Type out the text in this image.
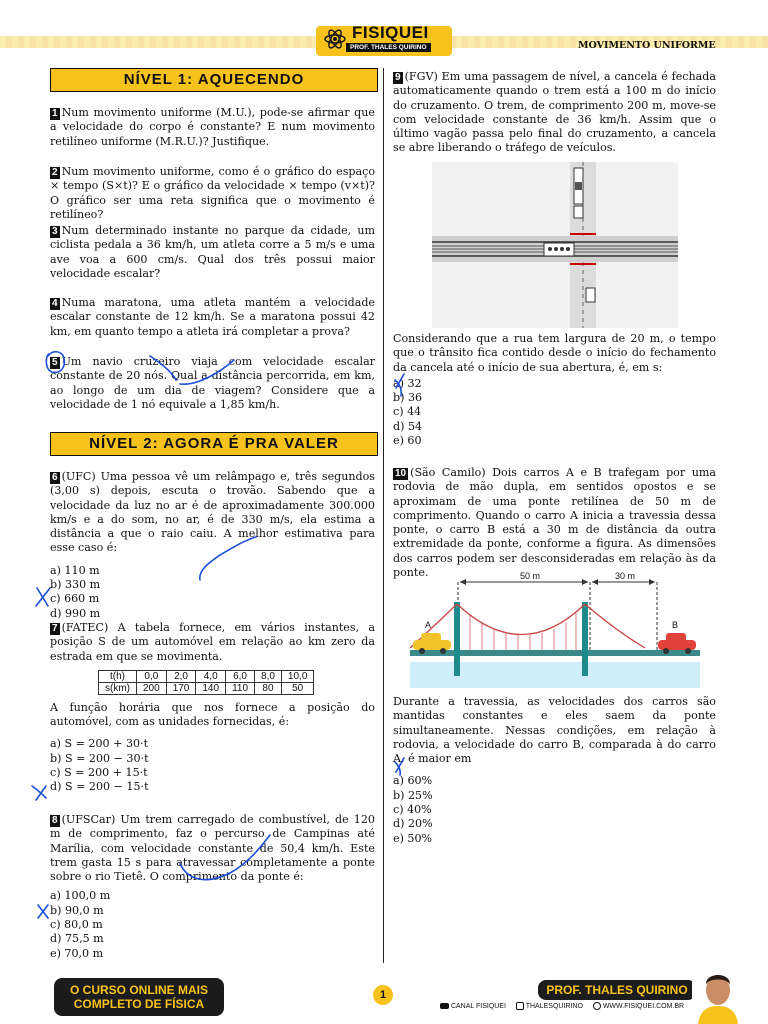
FISIQUEI
PROF. THALES QUIRINO	MOVIMENTO UNIFORME
NÍVEL 1: AQUECENDO

1 Num movimento uniforme (M.U.), pode-se afirmar que a velocidade do corpo é constante? E num movimento retilíneo uniforme (M.R.U.)? Justifique.

2 Num movimento uniforme, como é o gráfico do espaço × tempo (S×t)? E o gráfico da velocidade × tempo (v×t)? O gráfico ser uma reta significa que o movimento é retilíneo?

3 Num determinado instante no parque da cidade, um ciclista pedala a 36 km/h, um atleta corre a 5 m/s e uma ave voa a 600 cm/s. Qual dos três possui maior velocidade escalar?

4 Numa maratona, uma atleta mantém a velocidade escalar constante de 12 km/h. Se a maratona possui 42 km, em quanto tempo a atleta irá completar a prova?

5 Um navio cruzeiro viaja com velocidade escalar constante de 20 nós. Qual a distância percorrida, em km, ao longo de um dia de viagem? Considere que a velocidade de 1 nó equivale a 1,85 km/h.

NÍVEL 2: AGORA É PRA VALER

6 (UFC) Uma pessoa vê um relâmpago e, três segundos (3,00 s) depois, escuta o trovão. Sabendo que a velocidade da luz no ar é de aproximadamente 300.000 km/s e a do som, no ar, é de 330 m/s, ela estima a distância a que o raio caiu. A melhor estimativa para esse caso é:

a) 110 m
b) 330 m
c) 660 m
d) 990 m

7 (FATEC) A tabela fornece, em vários instantes, a posição S de um automóvel em relação ao km zero da estrada em que se movimenta.

t(h)	0,0	2,0	4,0	6,0	8,0	10,0
s(km)	200	170	140	110	80	50

A função horária que nos fornece a posição do automóvel, com as unidades fornecidas, é:

a) S = 200 + 30·t
b) S = 200 − 30·t
c) S = 200 + 15·t
d) S = 200 − 15·t

8 (UFSCar) Um trem carregado de combustível, de 120 m de comprimento, faz o percurso de Campinas até Marília, com velocidade constante de 50,4 km/h. Este trem gasta 15 s para atravessar completamente a ponte sobre o rio Tietê. O comprimento da ponte é:

a) 100,0 m
b) 90,0 m
c) 80,0 m
d) 75,5 m
e) 70,0 m

9 (FGV) Em uma passagem de nível, a cancela é fechada automaticamente quando o trem está a 100 m do início do cruzamento. O trem, de comprimento 200 m, move-se com velocidade constante de 36 km/h. Assim que o último vagão passa pelo final do cruzamento, a cancela se abre liberando o tráfego de veículos.

Considerando que a rua tem largura de 20 m, o tempo que o trânsito fica contido desde o início do fechamento da cancela até o início de sua abertura, é, em s:

a) 32
b) 36
c) 44
d) 54
e) 60

10 (São Camilo) Dois carros A e B trafegam por uma rodovia de mão dupla, em sentidos opostos e se aproximam de uma ponte retilínea de 50 m de comprimento. Quando o carro A inicia a travessia dessa ponte, o carro B está a 30 m de distância da outra extremidade da ponte, conforme a figura. As dimensões dos carros podem ser desconsideradas em relação às da ponte.	50 m	30 m
A	B

Durante a travessia, as velocidades dos carros são mantidas constantes e eles saem da ponte simultaneamente. Nessas condições, em relação à rodovia, a velocidade do carro B, comparada à do carro A, é maior em

a) 60%
b) 25%
c) 40%
d) 20%
e) 50%
O CURSO ONLINE MAIS
COMPLETO DE FÍSICA
1	PROF. THALES QUIRINO
CANAL FISIQUEI	THALESQUIRINO	WWW.FISIQUEI.COM.BR
